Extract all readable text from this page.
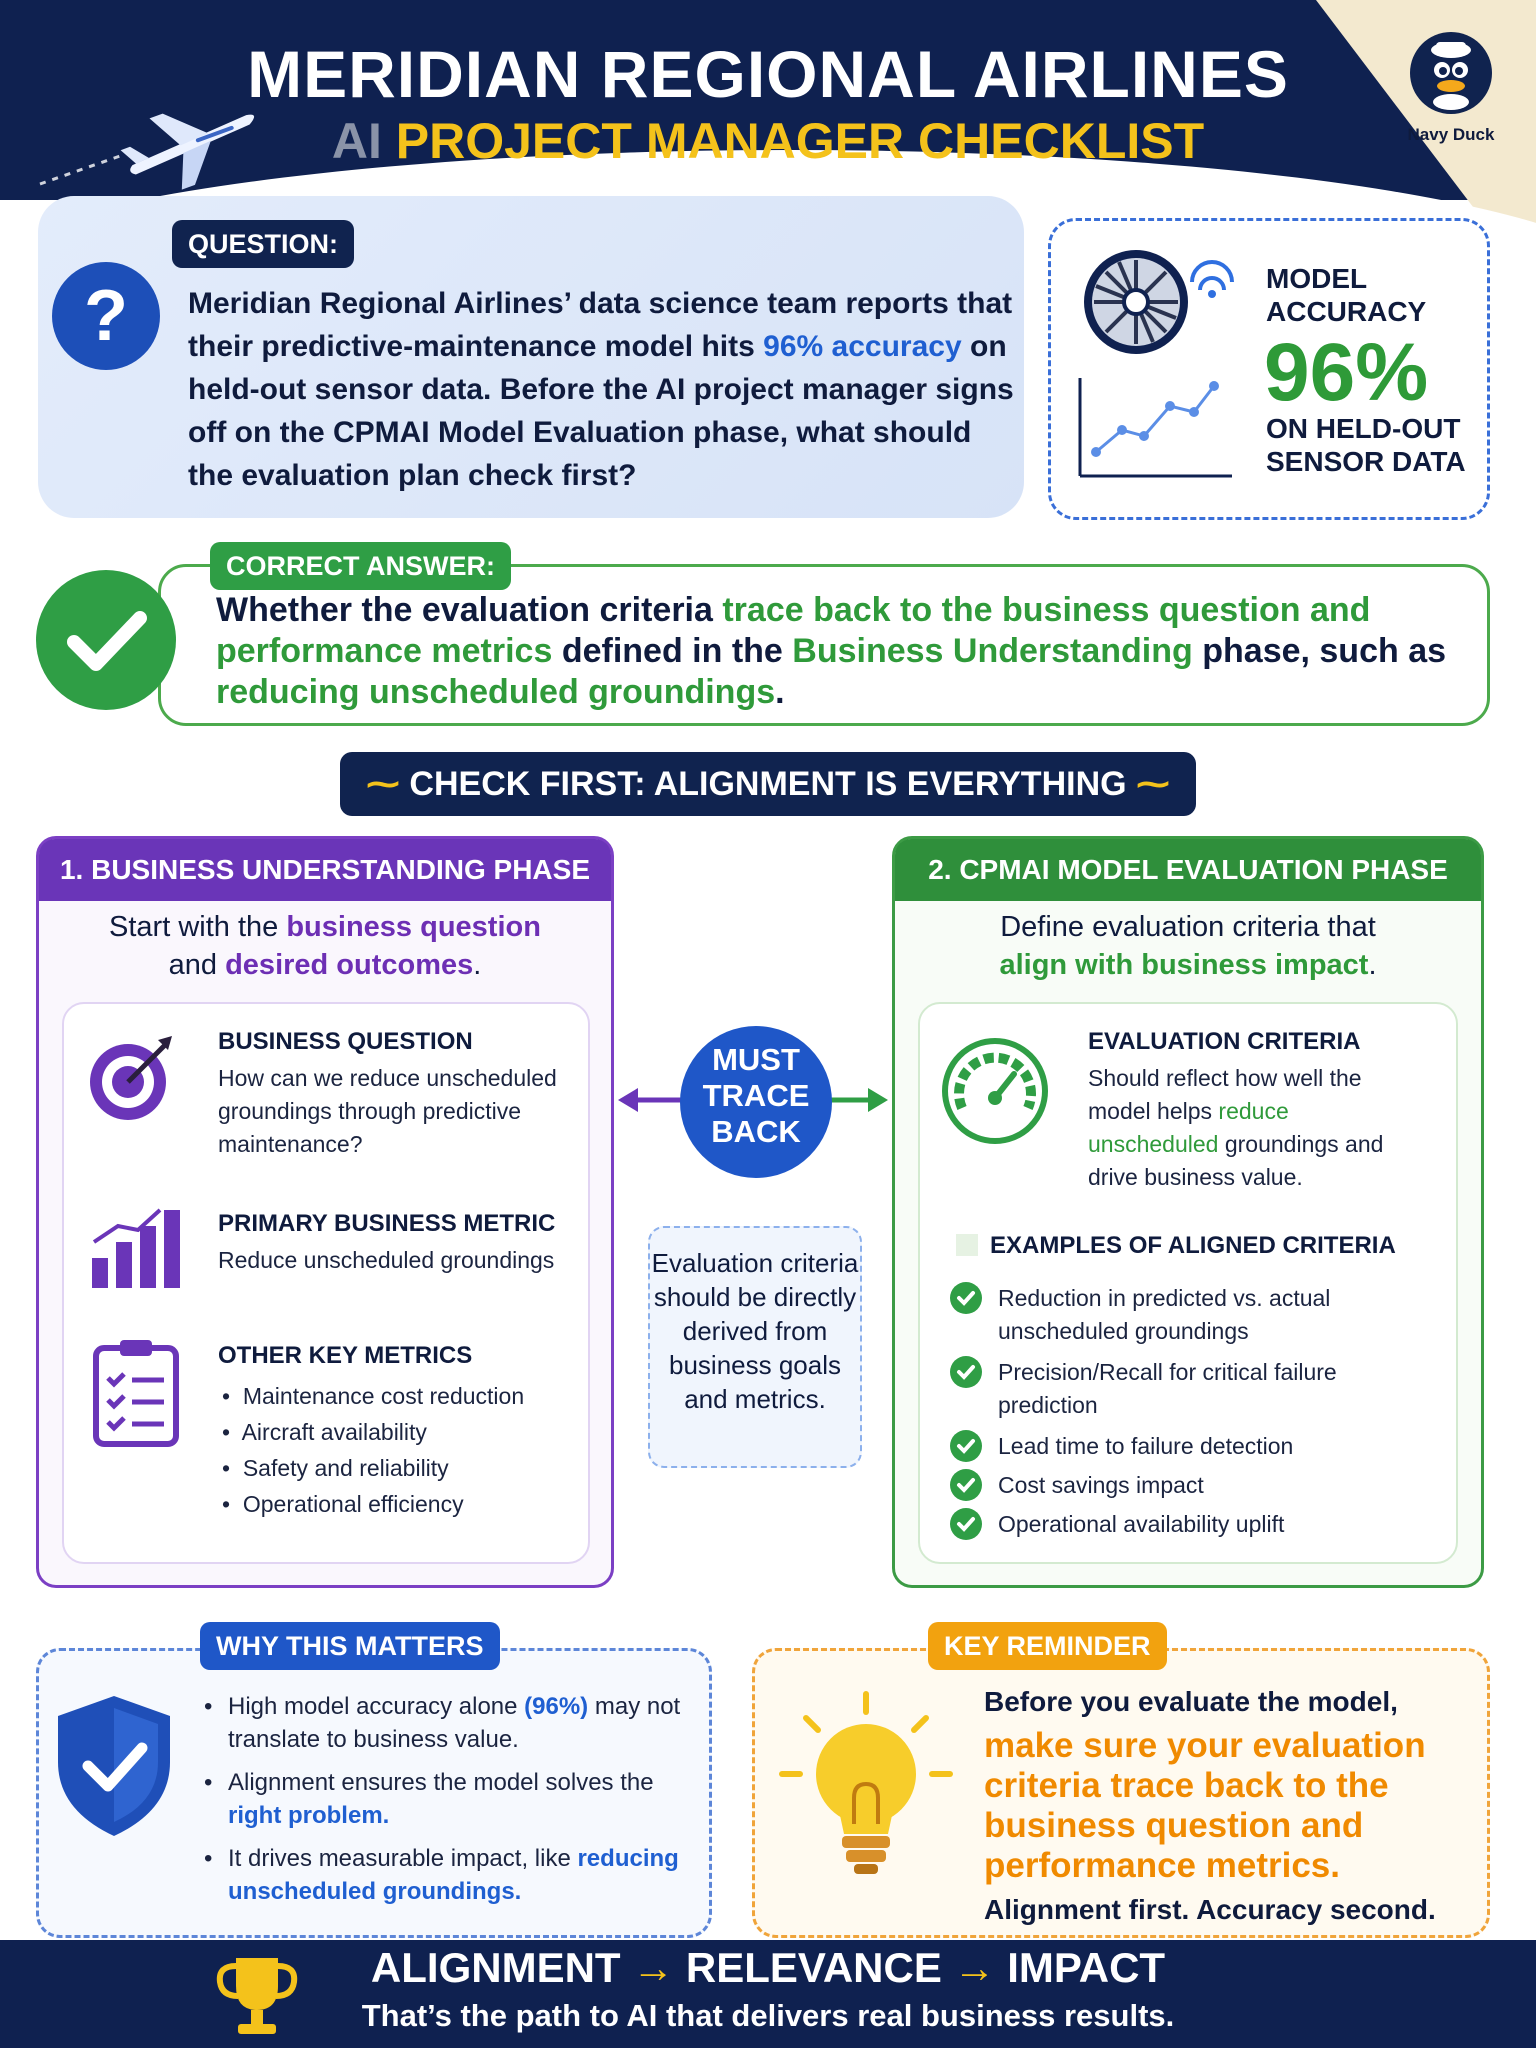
MERIDIAN REGIONAL AIRLINES
AI PROJECT MANAGER CHECKLIST	Navy Duck
?
QUESTION:
Meridian Regional Airlines’ data science team reports that their predictive-maintenance model hits 96% accuracy on held-out sensor data. Before the AI project manager signs off on the CPMAI Model Evaluation phase, what should the evaluation plan check first?
MODEL
ACCURACY
96%
ON HELD-OUT
SENSOR DATA
CORRECT ANSWER:
Whether the evaluation criteria trace back to the business question and performance metrics defined in the Business Understanding phase, such as reducing unscheduled groundings.
⁓ CHECK FIRST: ALIGNMENT IS EVERYTHING ⁓
1. BUSINESS UNDERSTANDING PHASE
Start with the business question
and desired outcomes.
BUSINESS QUESTION
How can we reduce unscheduled groundings through predictive maintenance?
PRIMARY BUSINESS METRIC
Reduce unscheduled groundings
OTHER KEY METRICS
•  Maintenance cost reduction
•  Aircraft availability
•  Safety and reliability
•  Operational efficiency
MUST
TRACE
BACK
Evaluation criteria should be directly derived from business goals and metrics.
2. CPMAI MODEL EVALUATION PHASE
Define evaluation criteria that
align with business impact.
EVALUATION CRITERIA
Should reflect how well the model helps reduce unscheduled groundings and drive business value.
EXAMPLES OF ALIGNED CRITERIA
Reduction in predicted vs. actual unscheduled groundings
Precision/Recall for critical failure prediction
Lead time to failure detection
Cost savings impact
Operational availability uplift
WHY THIS MATTERS
• High model accuracy alone (96%) may not translate to business value.
• Alignment ensures the model solves the right problem.
• It drives measurable impact, like reducing unscheduled groundings.
KEY REMINDER
Before you evaluate the model,
make sure your evaluation criteria trace back to the business question and performance metrics.
Alignment first. Accuracy second.
ALIGNMENT → RELEVANCE → IMPACT
That’s the path to AI that delivers real business results.
